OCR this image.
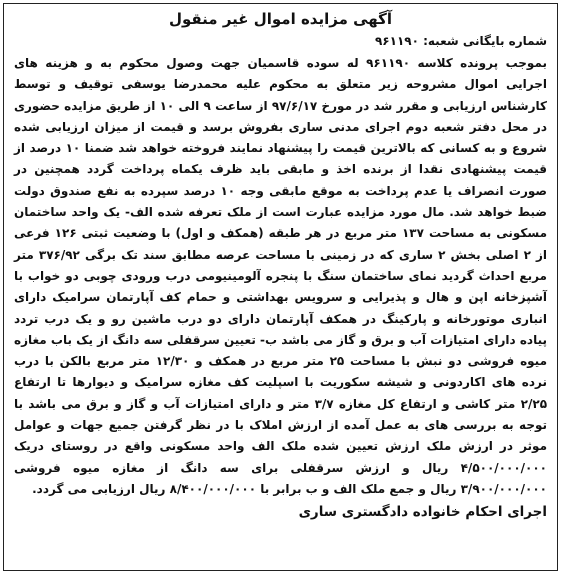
آگهی مزایده اموال غیر منقول
شماره بایگانی شعبه: ۹۶۱۱۹۰

بموجب پرونده کلاسه ۹۶۱۱۹۰ له سوده قاسمیان جهت وصول محکوم به و هزینه های اجرایی اموال مشروحه زیر متعلق به محکوم علیه محمدرضا یوسفی توقیف و توسط کارشناس ارزیابی و مقرر شد در مورخ ۹۷/۶/۱۷ از ساعت ۹ الی ۱۰ از طریق مزایده حضوری در محل دفتر شعبه دوم اجرای مدنی ساری بفروش برسد و قیمت از میزان ارزیابی شده شروع و به کسانی که بالاترین قیمت را پیشنهاد نمایند فروخته خواهد شد ضمنا ۱۰ درصد از قیمت پیشنهادی نقدا از برنده اخذ و مابقی باید ظرف یکماه پرداخت گردد همچنین در صورت انصراف یا عدم پرداخت به موقع مابقی وجه ۱۰ درصد سپرده به نفع صندوق دولت ضبط خواهد شد. مال مورد مزایده عبارت است از ملک تعرفه شده الف- یک واحد ساختمان مسکونی به مساحت ۱۳۷ متر مربع در هر طبقه (همکف و اول) با وضعیت ثبتی ۱۲۶ فرعی از ۲ اصلی بخش ۲ ساری که در زمینی با مساحت عرصه مطابق سند تک برگی ۳۷۶/۹۲ متر مربع احداث گردید نمای ساختمان سنگ با پنجره آلومینیومی درب ورودی چوبی دو خواب با آشپزخانه اپن و هال و پذیرایی و سرویس بهداشتی و حمام کف آپارتمان سرامیک دارای انباری موتورخانه و پارکینگ در همکف آپارتمان دارای دو درب ماشین رو و یک درب تردد پیاده دارای امتیازات آب و برق و گاز می باشد ب- تعیین سرقفلی سه دانگ از یک باب مغازه میوه فروشی دو نبش با مساحت ۲۵ متر مربع در همکف و ۱۲/۳۰ متر مربع بالکن با درب نرده های اکاردونی و شیشه سکوریت با اسپلیت کف مغازه سرامیک و دیوارها تا ارتفاع ۲/۲۵ متر کاشی و ارتفاع کل مغازه ۳/۷ متر و دارای امتیازات آب و گاز و برق می باشد با توجه به بررسی های به عمل آمده از ارزش املاک با در نظر گرفتن جمیع جهات و عوامل موثر در ارزش ملک ارزش تعیین شده ملک الف واحد مسکونی واقع در روستای دریک ۴/۵۰۰/۰۰۰/۰۰۰ ریال و ارزش سرقفلی برای سه دانگ از مغازه میوه فروشی ۳/۹۰۰/۰۰۰/۰۰۰ ریال و جمع ملک الف و ب برابر با ۸/۴۰۰/۰۰۰/۰۰۰ ریال ارزیابی می گردد.

اجرای احکام خانواده دادگستری ساری
